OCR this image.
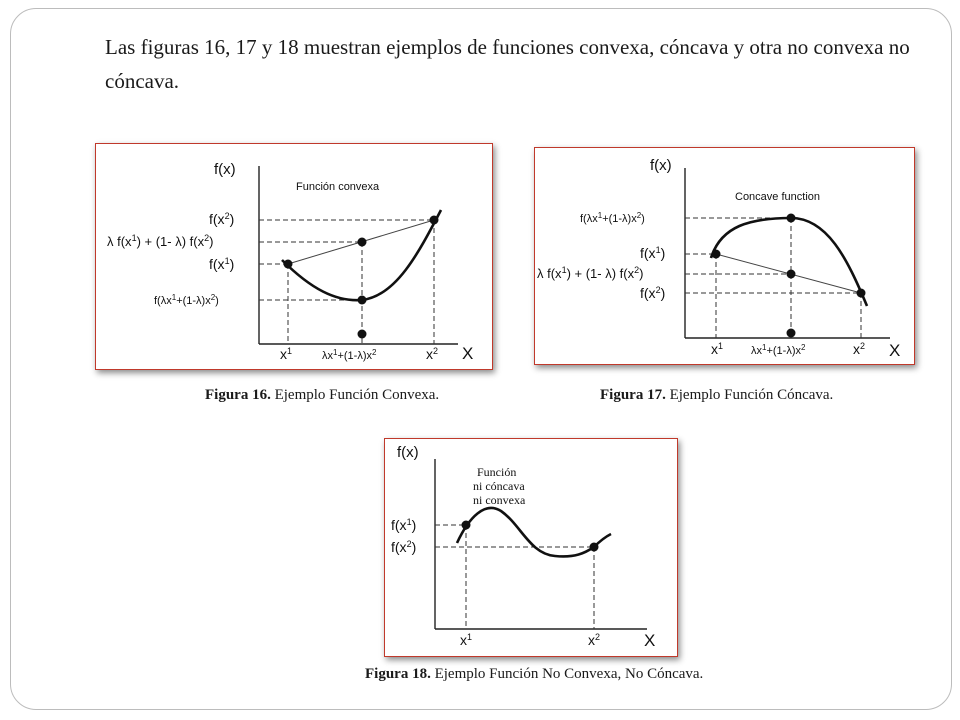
Las figuras 16, 17 y 18 muestran ejemplos de funciones convexa, cóncava y otra no convexa no cóncava.

f(x)
Función convexa
$f(x^2)$
λ $f(x^1) + (1-$ λ) $f(x^2)$
$f(x^1)$
$f(\lambda x^1+(1-\lambda)x^2)$
$x^1$	$\lambda x^1+(1-\lambda)x^2$	$x^2$ X
f(x)
Concave function
$f(\lambda x^1+(1-\lambda)x^2)$
$f(x^1)$
λ $f(x^1) + (1-$ λ) $f(x^2)$
$f(x^2)$
$x^1$	$\lambda x^1+(1-\lambda)x^2$	$x^2$ X
f(x)
Función
ni cóncava
ni convexa
$f(x^1)$
$f(x^2)$
$x^1$	$x^2$	X
Figura 16. Ejemplo Función Convexa.	Figura 17. Ejemplo Función Cóncava.
Figura 18. Ejemplo Función No Convexa, No Cóncava.
